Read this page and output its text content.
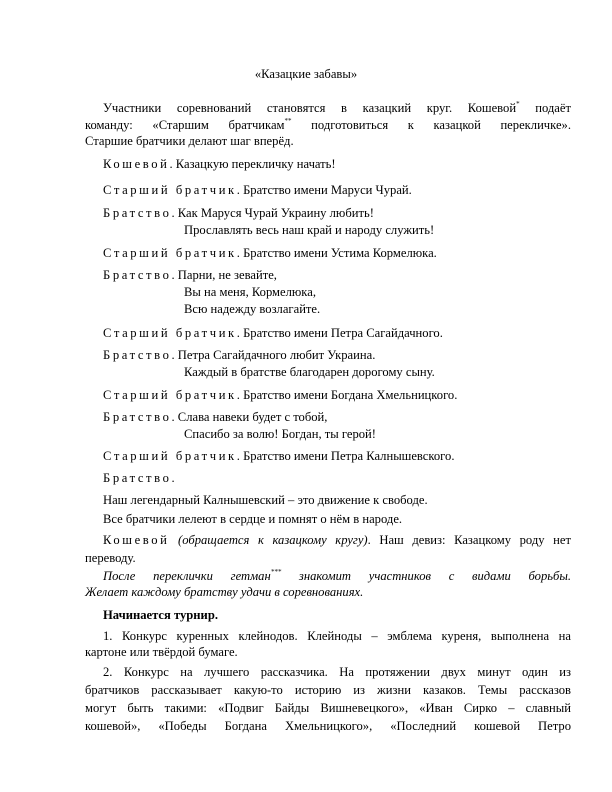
«Казацкие забавы»
Участники соревнований становятся в казацкий круг. Кошевой* подаёт
команду: «Старшим братчикам** подготовиться к казацкой перекличке».
Старшие братчики делают шаг вперёд.
Кошевой. Казацкую перекличку начать!
Старший братчик. Братство имени Маруси Чурай.
Братство. Как Маруся Чурай Украину любить!
Прославлять весь наш край и народу служить!
Старший братчик. Братство имени Устима Кормелюка.
Братство. Парни, не зевайте,
Вы на меня, Кормелюка,
Всю надежду возлагайте.
Старший братчик. Братство имени Петра Сагайдачного.
Братство. Петра Сагайдачного любит Украина.
Каждый в братстве благодарен дорогому сыну.
Старший братчик. Братство имени Богдана Хмельницкого.
Братство. Слава навеки будет с тобой,
Спасибо за волю! Богдан, ты герой!
Старший братчик. Братство имени Петра Калнышевского.
Братство.
Наш легендарный Калнышевский – это движение к свободе.
Все братчики лелеют в сердце и помнят о нём в народе.
Кошевой (обращается к казацкому кругу). Наш девиз: Казацкому роду нет
переводу.
После переклички гетман*** знакомит участников с видами борьбы.
Желает каждому братству удачи в соревнованиях.
Начинается турнир.
1. Конкурс куренных клейнодов. Клейноды – эмблема куреня, выполнена на
картоне или твёрдой бумаге.
2. Конкурс на лучшего рассказчика. На протяжении двух минут один из
братчиков рассказывает какую-то историю из жизни казаков. Темы рассказов
могут быть такими: «Подвиг Байды Вишневецкого», «Иван Сирко – славный
кошевой», «Победы Богдана Хмельницкого», «Последний кошевой Петро
